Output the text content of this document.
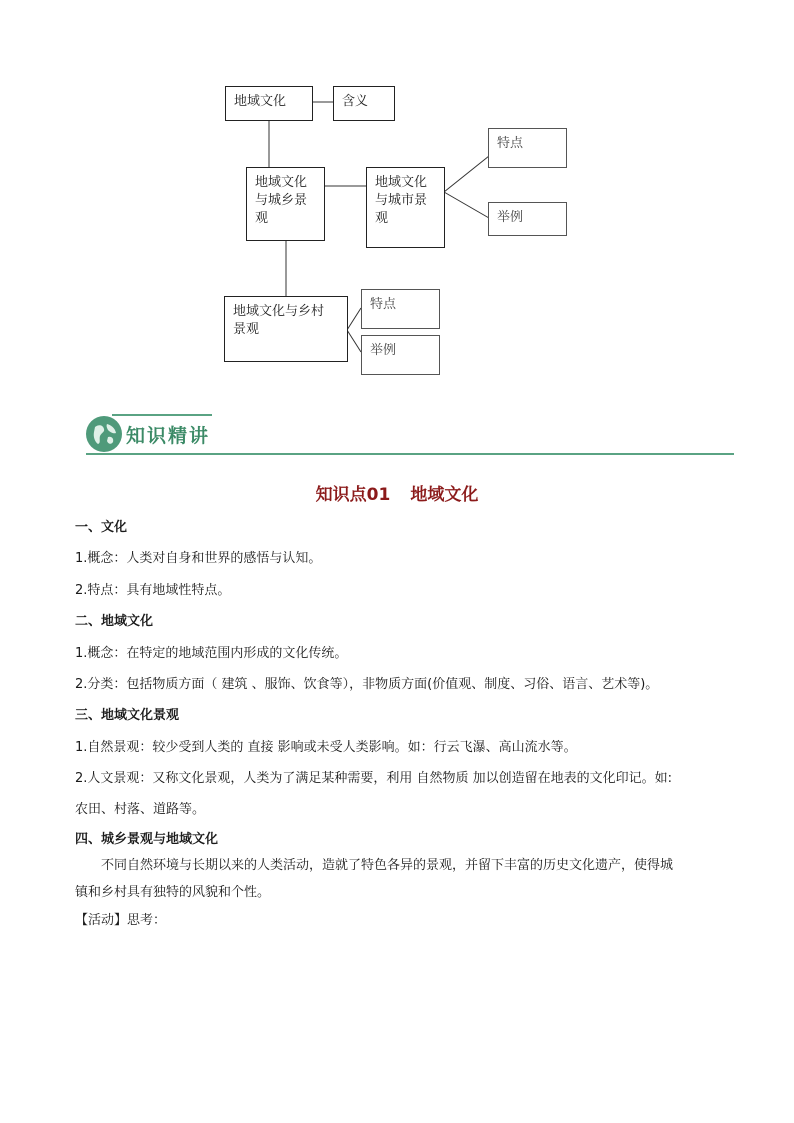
地域文化	含义
地域文化
与城乡景
观
地域文化
与城市景
观
特点
举例
地域文化与乡村
景观
特点
举例
知识精讲
知识点01 地域文化
一、文化
1.概念：人类对自身和世界的感悟与认知。
2.特点：具有地域性特点。
二、地域文化
1.概念：在特定的地域范围内形成的文化传统。
2.分类：包括物质方面（ 建筑 、服饰、饮食等），非物质方面(价值观、制度、习俗、语言、艺术等)。
三、地域文化景观
1.自然景观：较少受到人类的 直接 影响或未受人类影响。如：行云飞瀑、高山流水等。
2.人文景观：又称文化景观，人类为了满足某种需要，利用 自然物质 加以创造留在地表的文化印记。如:
农田、村落、道路等。
四、城乡景观与地域文化
不同自然环境与长期以来的人类活动，造就了特色各异的景观，并留下丰富的历史文化遗产，使得城
镇和乡村具有独特的风貌和个性。
【活动】思考：
